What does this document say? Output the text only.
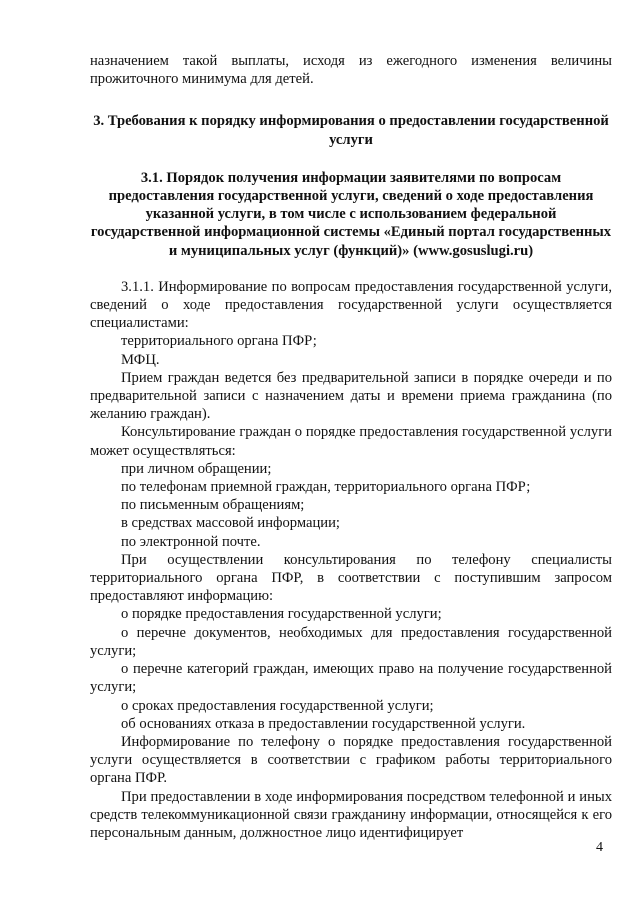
назначением такой выплаты, исходя из ежегодного изменения величины прожиточного минимума для детей.

3. Требования к порядку информирования о предоставлении государственной услуги

3.1. Порядок получения информации заявителями по вопросам предоставления государственной услуги, сведений о ходе предоставления указанной услуги, в том числе с использованием федеральной государственной информационной системы «Единый портал государственных и муниципальных услуг (функций)» (www.gosuslugi.ru)

3.1.1. Информирование по вопросам предоставления государственной услуги, сведений о ходе предоставления государственной услуги осуществляется специалистами:

территориального органа ПФР;

МФЦ.

Прием граждан ведется без предварительной записи в порядке очереди и по предварительной записи с назначением даты и времени приема гражданина (по желанию граждан).

Консультирование граждан о порядке предоставления государственной услуги может осуществляться:

при личном обращении;

по телефонам приемной граждан, территориального органа ПФР;

по письменным обращениям;

в средствах массовой информации;

по электронной почте.

При осуществлении консультирования по телефону специалисты территориального органа ПФР, в соответствии с поступившим запросом предоставляют информацию:

о порядке предоставления государственной услуги;

о перечне документов, необходимых для предоставления государственной услуги;

о перечне категорий граждан, имеющих право на получение государственной услуги;

о сроках предоставления государственной услуги;

об основаниях отказа в предоставлении государственной услуги.

Информирование по телефону о порядке предоставления государственной услуги осуществляется в соответствии с графиком работы территориального органа ПФР.

При предоставлении в ходе информирования посредством телефонной и иных средств телекоммуникационной связи гражданину информации, относящейся к его персональным данным, должностное лицо идентифицирует

4
